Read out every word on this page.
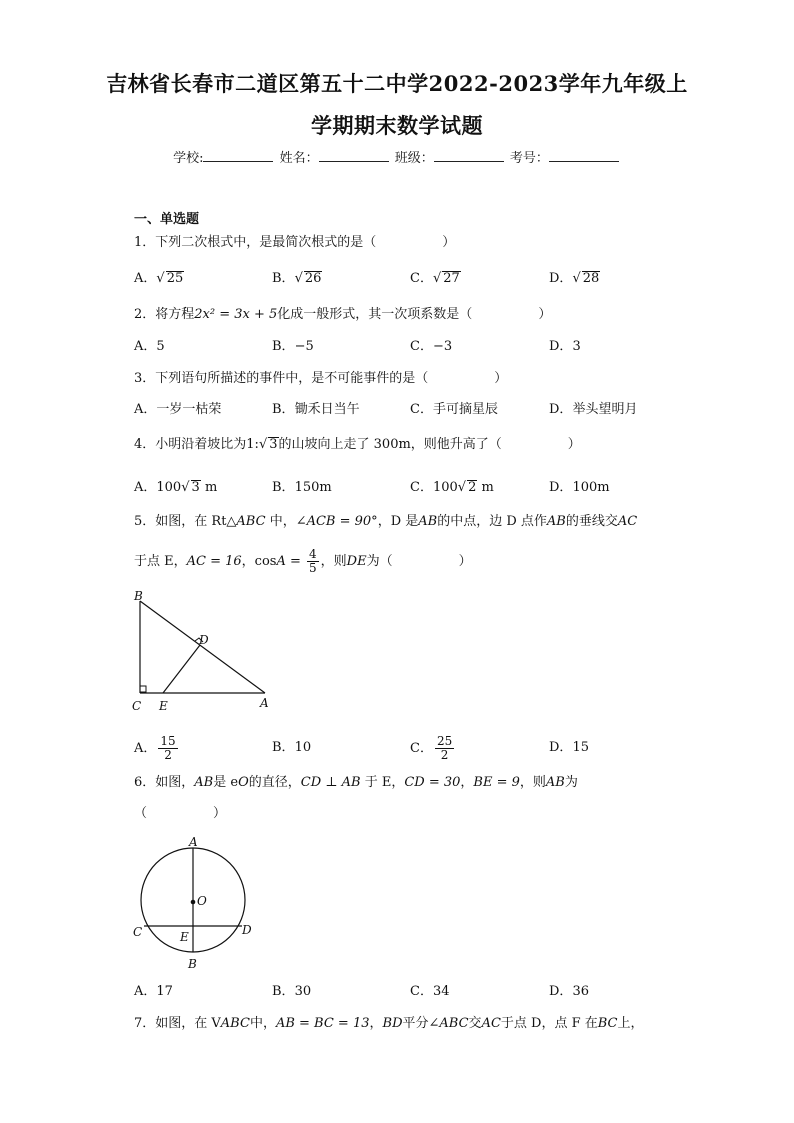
吉林省长春市二道区第五十二中学2022-2023学年九年级上
学期期末数学试题
学校:	姓名：	班级：	考号：
一、单选题
1．下列二次根式中，是最简次根式的是（	）
A．√ 25	B．√ 26	C．√ 27	D．√ 28
2．将方程2x² = 3x + 5化成一般形式，其一次项系数是（	）
A．5	B．−5	C．−3	D．3
3．下列语句所描述的事件中，是不可能事件的是（	）
A．一岁一枯荣	B．锄禾日当午	C．手可摘星辰	D．举头望明月
4．小明沿着坡比为1:√ 3的山坡向上走了 300m，则他升高了（	）
A．100√ 3 m	B．150m	C．100√ 2 m	D．100m
5．如图，在 Rt△ABC 中，∠ACB = 90°，D 是AB的中点，边 D 点作AB的垂线交AC
于点 E，AC = 16，$\cos A = \frac{4}{5}$ ，则DE为（	）
B
D
C E	A
A． $\frac{15}{2}$	B．10	C． $\frac{25}{2}$	D．15
6．如图，AB是 eO的直径，CD ⊥ AB 于 E，CD = 30，BE = 9，则AB为
（	）
A
O
C	E	D
B
A．17	B．30	C．34	D．36
7．如图，在 VABC中，AB = BC = 13，BD平分∠ABC交AC于点 D，点 F 在BC上，
